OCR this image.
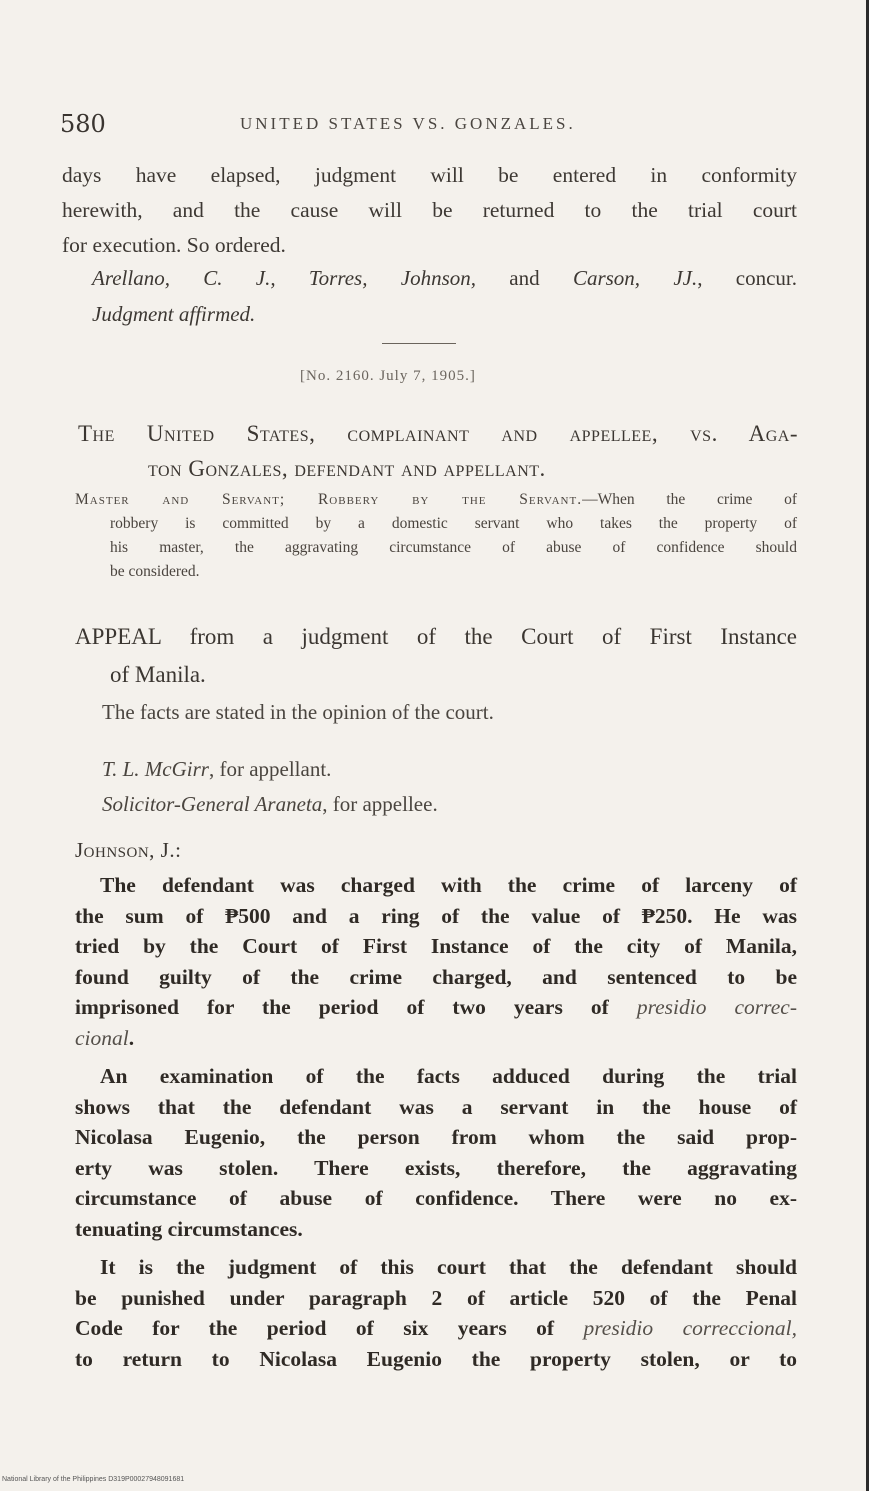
580	UNITED STATES VS. GONZALES.

days have elapsed, judgment will be entered in conformity

herewith, and the cause will be returned to the trial court

for execution. So ordered.

Arellano, C. J., Torres, Johnson, and Carson, JJ., concur.

Judgment affirmed.

[No. 2160. July 7, 1905.]

The United States, complainant and appellee, vs. Aga-

ton Gonzales, defendant and appellant.

Master and Servant; Robbery by the Servant.—When the crime of

robbery is committed by a domestic servant who takes the property of

his master, the aggravating circumstance of abuse of confidence should

be considered.

APPEAL from a judgment of the Court of First Instance

of Manila.

The facts are stated in the opinion of the court.

T. L. McGirr, for appellant.

Solicitor-General Araneta, for appellee.

Johnson, J.:

The defendant was charged with the crime of larceny of

the sum of ₱500 and a ring of the value of ₱250. He was

tried by the Court of First Instance of the city of Manila,

found guilty of the crime charged, and sentenced to be

imprisoned for the period of two years of presidio correc-

cional.

An examination of the facts adduced during the trial

shows that the defendant was a servant in the house of

Nicolasa Eugenio, the person from whom the said prop-

erty was stolen. There exists, therefore, the aggravating

circumstance of abuse of confidence. There were no ex-

tenuating circumstances.

It is the judgment of this court that the defendant should

be punished under paragraph 2 of article 520 of the Penal

Code for the period of six years of presidio correccional,

to return to Nicolasa Eugenio the property stolen, or to

National Library of the Philippines D319P00027948091681
